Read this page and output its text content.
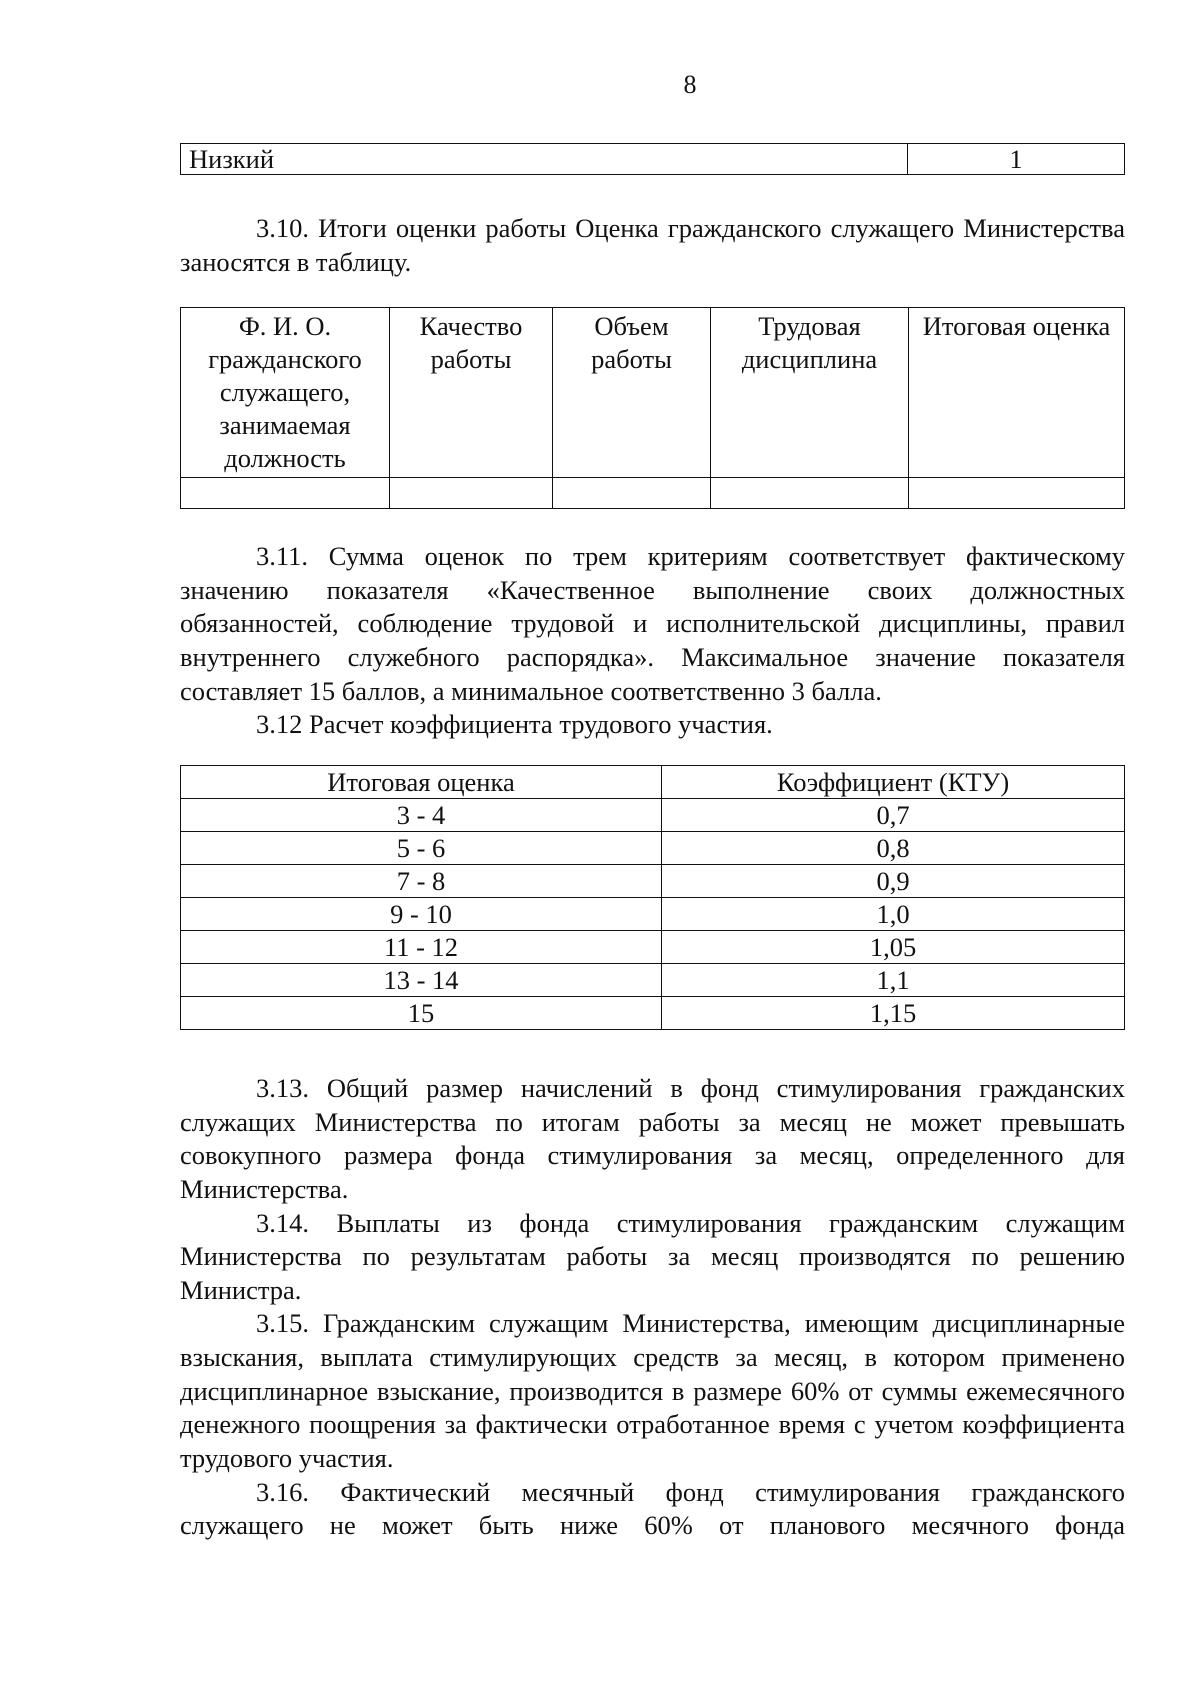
8
Низкий	1

3.10. Итоги оценки работы Оценка гражданского служащего Министерства заносятся в таблицу.

Ф. И. О. гражданского служащего, занимаемая должность	Качество работы	Объем работы	Трудовая дисциплина	Итоговая оценка

3.11. Сумма оценок по трем критериям соответствует фактическому значению показателя «Качественное выполнение своих должностных обязанностей, соблюдение трудовой и исполнительской дисциплины, правил внутреннего служебного распорядка». Максимальное значение показателя составляет 15 баллов, а минимальное соответственно 3 балла.

3.12 Расчет коэффициента трудового участия.

Итоговая оценка	Коэффициент (КТУ)
3 - 4	0,7
5 - 6	0,8
7 - 8	0,9
9 - 10	1,0
11 - 12	1,05
13 - 14	1,1
15	1,15

3.13. Общий размер начислений в фонд стимулирования гражданских служащих Министерства по итогам работы за месяц не может превышать совокупного размера фонда стимулирования за месяц, определенного для Министерства.

3.14. Выплаты из фонда стимулирования гражданским служащим Министерства по результатам работы за месяц производятся по решению Министра.

3.15. Гражданским служащим Министерства, имеющим дисциплинарные взыскания, выплата стимулирующих средств за месяц, в котором применено дисциплинарное взыскание, производится в размере 60% от суммы ежемесячного денежного поощрения за фактически отработанное время с учетом коэффициента трудового участия.

3.16. Фактический месячный фонд стимулирования гражданского служащего не может быть ниже 60% от планового месячного фонда
